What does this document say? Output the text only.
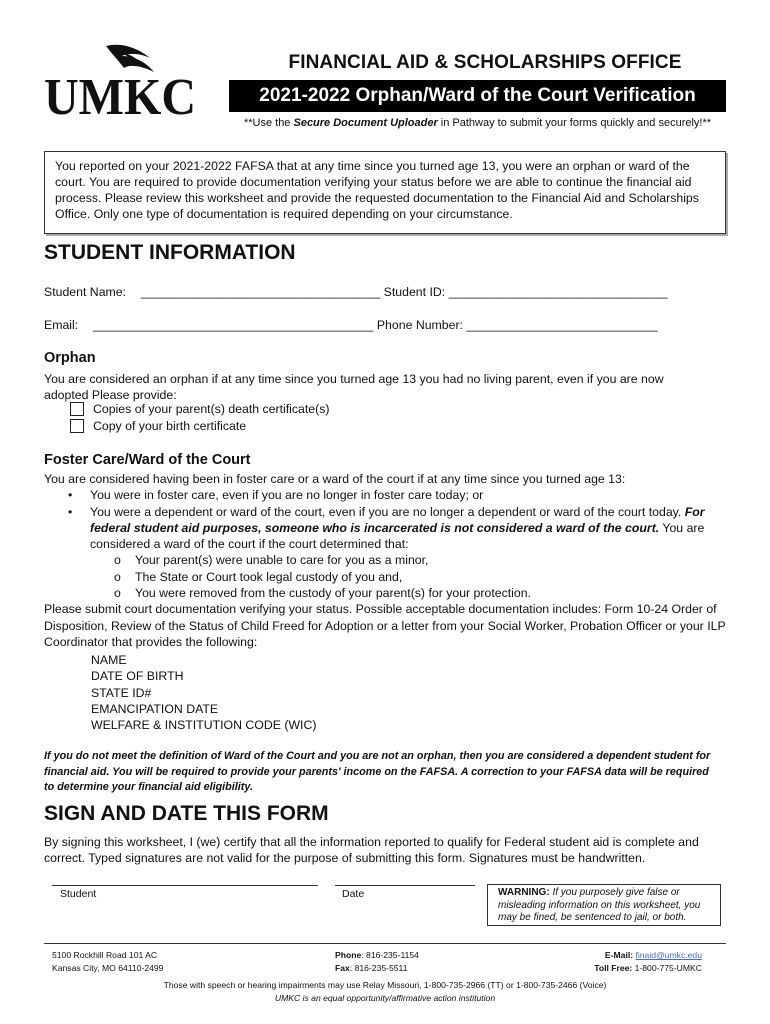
UMKC
FINANCIAL AID & SCHOLARSHIPS OFFICE
2021-2022 Orphan/Ward of the Court Verification
**Use the Secure Document Uploader in Pathway to submit your forms quickly and securely!**
You reported on your 2021-2022 FAFSA that at any time since you turned age 13, you were an orphan or ward of the court. You are required to provide documentation verifying your status before we are able to continue the financial aid process. Please review this worksheet and provide the requested documentation to the Financial Aid and Scholarships Office. Only one type of documentation is required depending on your circumstance.
STUDENT INFORMATION
Student Name: ___________________________________ Student ID: ________________________________
Email: _________________________________________ Phone Number: ____________________________
Orphan
You are considered an orphan if at any time since you turned age 13 you had no living parent, even if you are now adopted Please provide:
Copies of your parent(s) death certificate(s)
Copy of your birth certificate
Foster Care/Ward of the Court
You are considered having been in foster care or a ward of the court if at any time since you turned age 13:
• You were in foster care, even if you are no longer in foster care today; or
• You were a dependent or ward of the court, even if you are no longer a dependent or ward of the court today. For federal student aid purposes, someone who is incarcerated is not considered a ward of the court. You are considered a ward of the court if the court determined that:
o Your parent(s) were unable to care for you as a minor,
o The State or Court took legal custody of you and,
o You were removed from the custody of your parent(s) for your protection.
Please submit court documentation verifying your status. Possible acceptable documentation includes: Form 10-24 Order of Disposition, Review of the Status of Child Freed for Adoption or a letter from your Social Worker, Probation Officer or your ILP Coordinator that provides the following:
NAME
DATE OF BIRTH
STATE ID#
EMANCIPATION DATE
WELFARE & INSTITUTION CODE (WIC)
If you do not meet the definition of Ward of the Court and you are not an orphan, then you are considered a dependent student for financial aid. You will be required to provide your parents' income on the FAFSA. A correction to your FAFSA data will be required to determine your financial aid eligibility.
SIGN AND DATE THIS FORM
By signing this worksheet, I (we) certify that all the information reported to qualify for Federal student aid is complete and correct. Typed signatures are not valid for the purpose of submitting this form. Signatures must be handwritten.
Student	Date	WARNING: If you purposely give false or misleading information on this worksheet, you may be fined, be sentenced to jail, or both.
5100 Rockhill Road 101 AC
Kansas City, MO 64110-2499
Phone: 816-235-1154
Fax: 816-235-5511
E-Mail: finaid@umkc.edu
Toll Free: 1-800-775-UMKC
Those with speech or hearing impairments may use Relay Missouri, 1-800-735-2966 (TT) or 1-800-735-2466 (Voice)
UMKC is an equal opportunity/affirmative action institution
